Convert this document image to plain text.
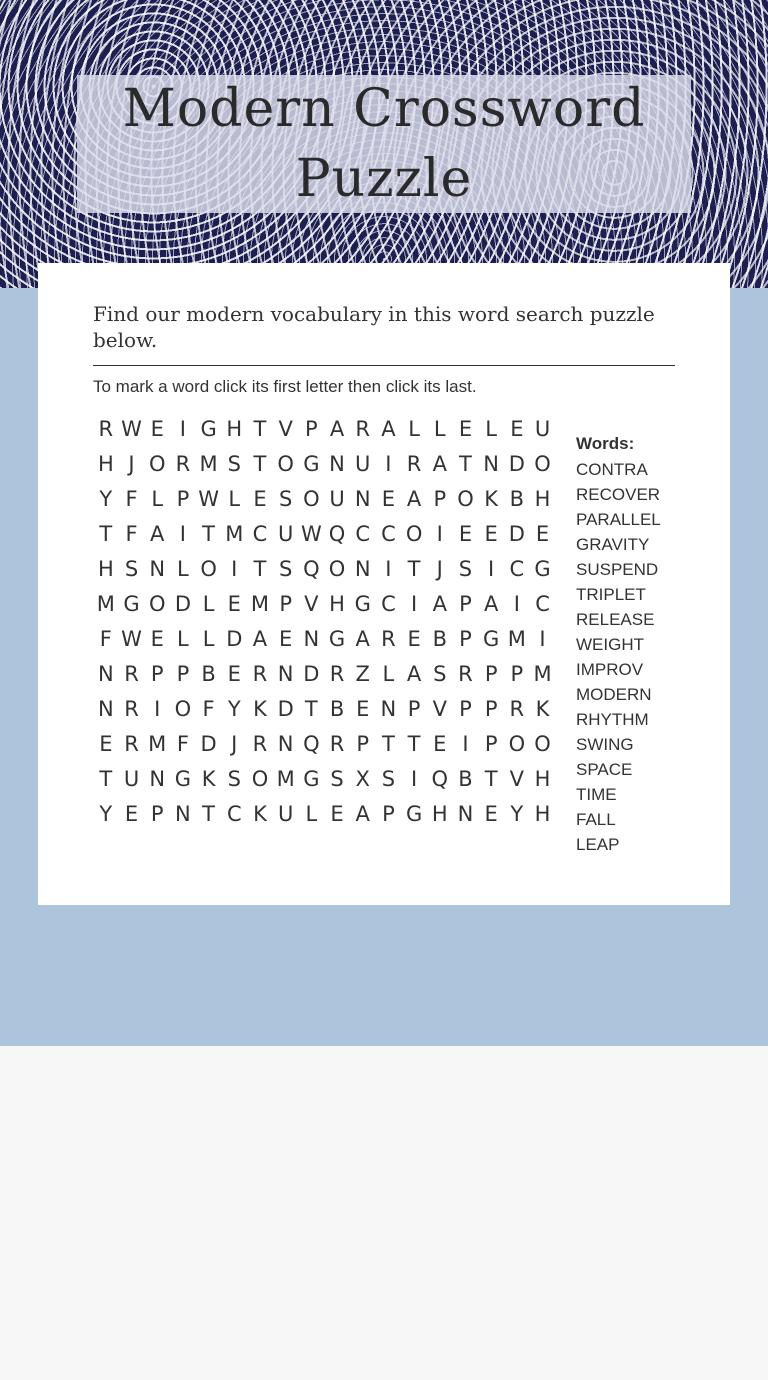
Modern Crossword
Puzzle

Find our modern vocabulary in this word search puzzle below.

To mark a word click its first letter then click its last.

R W E I G H T V P A R A L L E L E U
H J O R M S T O G N U I R A T N D O
Y F L P W L E S O U N E A P O K B H
T F A I T M C U W Q C C O I E E D E
H S N L O I T S Q O N I T J S I C G
M G O D L E M P V H G C I A P A I C
F W E L L D A E N G A R E B P G M I
N R P P B E R N D R Z L A S R P P M
N R I O F Y K D T B E N P V P P R K
E R M F D J R N Q R P T T E I P O O
T U N G K S O M G S X S I Q B T V H
Y E P N T C K U L E A P G H N E Y H
Words:
CONTRA
RECOVER
PARALLEL
GRAVITY
SUSPEND
TRIPLET
RELEASE
WEIGHT
IMPROV
MODERN
RHYTHM
SWING
SPACE
TIME
FALL
LEAP
